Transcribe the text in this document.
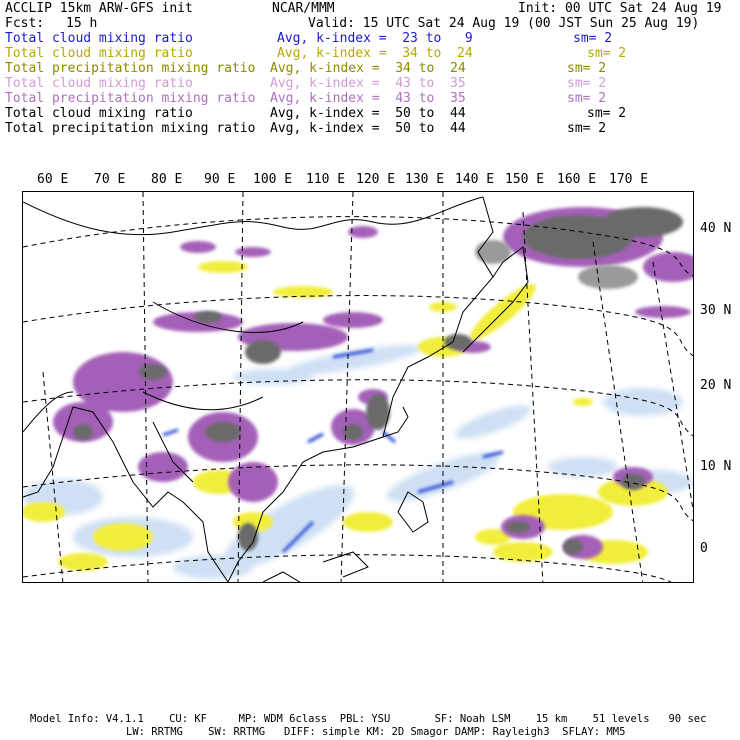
ACCLIP 15km ARW-GFS init	NCAR/MMM	Init: 00 UTC Sat 24 Aug 19
Fcst: 15 h	Valid: 15 UTC Sat 24 Aug 19 (00 JST Sun 25 Aug 19)
Total cloud mixing ratio	Avg, k-index =  23 to   9	sm= 2
Total cloud mixing ratio	Avg, k-index =  34 to  24	sm= 2
Total precipitation mixing ratio Avg, k-index =  34 to  24	sm= 2
Total cloud mixing ratio	Avg, k-index =  43 to  35	sm= 2
Total precipitation mixing ratio Avg, k-index =  43 to  35	sm= 2
Total cloud mixing ratio	Avg, k-index =  50 to  44	sm= 2
Total precipitation mixing ratio Avg, k-index =  50 to  44	sm= 2
60 E 70 E 80 E 90 E 100 E 110 E 120 E 130 E 140 E 150 E 160 E 170 E
40 N
30 N
20 N
10 N
0
Model Info: V4.1.1    CU: KF     MP: WDM 6class  PBL: YSU       SF: Noah LSM    15 km    51 levels   90 sec
LW: RRTMG    SW: RRTMG   DIFF: simple KM: 2D Smagor DAMP: Rayleigh3  SFLAY: MM5
